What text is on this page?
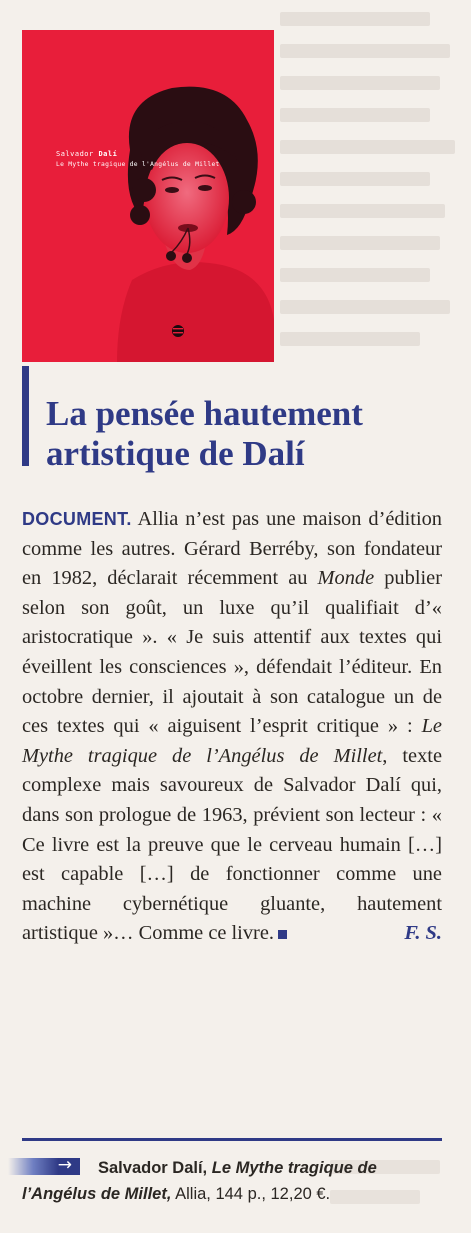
Salvador Dalí
Le Mythe tragique de l'Angélus de Millet
La pensée hautement artistique de Dalí

DOCUMENT. Allia n’est pas une maison d’édition comme les autres. Gérard Berréby, son fondateur en 1982, déclarait récemment au Monde publier selon son goût, un luxe qu’il qualifiait d’« aristocratique ». « Je suis attentif aux textes qui éveillent les consciences », défendait l’éditeur. En octobre dernier, il ajoutait à son catalogue un de ces textes qui « aiguisent l’esprit critique » : Le Mythe tragique de l’Angélus de Millet, texte complexe mais savoureux de Salvador Dalí qui, dans son prologue de 1963, prévient son lecteur : « Ce livre est la preuve que le cerveau humain […] est capable […] de fonctionner comme une machine cybernétique gluante, hautement artistique »… Comme ce livre.	F. S.

→	Salvador Dalí, Le Mythe tragique de l’Angélus de Millet, Allia, 144 p., 12,20 €.
